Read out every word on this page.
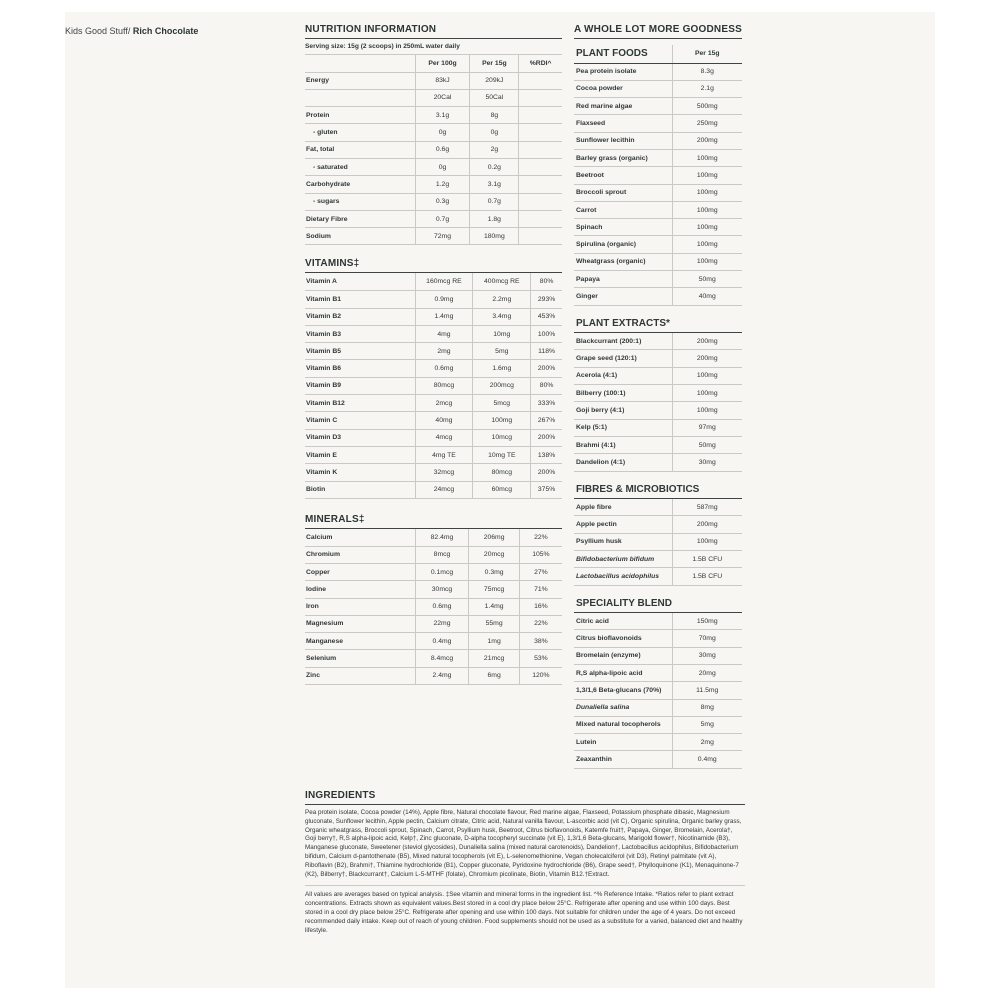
Kids Good Stuff/ Rich Chocolate	NUTRITION INFORMATION
Serving size: 15g (2 scoops) in 250mL water daily
	Per 100g	Per 15g	%RDI^
Energy	83kJ	209kJ	
	20Cal	50Cal	
Protein	3.1g	8g	
- gluten	0g	0g	
Fat, total	0.6g	2g	
- saturated	0g	0.2g	
Carbohydrate	1.2g	3.1g	
- sugars	0.3g	0.7g	
Dietary Fibre	0.7g	1.8g	
Sodium	72mg	180mg	
VITAMINS‡
Vitamin A	160mcg RE	400mcg RE	80%
Vitamin B1	0.9mg	2.2mg	293%
Vitamin B2	1.4mg	3.4mg	453%
Vitamin B3	4mg	10mg	100%
Vitamin B5	2mg	5mg	118%
Vitamin B6	0.6mg	1.6mg	200%
Vitamin B9	80mcg	200mcg	80%
Vitamin B12	2mcg	5mcg	333%
Vitamin C	40mg	100mg	267%
Vitamin D3	4mcg	10mcg	200%
Vitamin E	4mg TE	10mg TE	138%
Vitamin K	32mcg	80mcg	200%
Biotin	24mcg	60mcg	375%
MINERALS‡
Calcium	82.4mg	206mg	22%
Chromium	8mcg	20mcg	105%
Copper	0.1mcg	0.3mg	27%
Iodine	30mcg	75mcg	71%
Iron	0.6mg	1.4mg	16%
Magnesium	22mg	55mg	22%
Manganese	0.4mg	1mg	38%
Selenium	8.4mcg	21mcg	53%
Zinc	2.4mg	6mg	120%
A WHOLE LOT MORE GOODNESS
PLANT FOODS	Per 15g
Pea protein isolate	8.3g
Cocoa powder	2.1g
Red marine algae	500mg
Flaxseed	250mg
Sunflower lecithin	200mg
Barley grass (organic)	100mg
Beetroot	100mg
Broccoli sprout	100mg
Carrot	100mg
Spinach	100mg
Spirulina (organic)	100mg
Wheatgrass (organic)	100mg
Papaya	50mg
Ginger	40mg
PLANT EXTRACTS*	
Blackcurrant (200:1)	200mg
Grape seed (120:1)	200mg
Acerola (4:1)	100mg
Bilberry (100:1)	100mg
Goji berry (4:1)	100mg
Kelp (5:1)	97mg
Brahmi (4:1)	50mg
Dandelion (4:1)	30mg
FIBRES & MICROBIOTICS	
Apple fibre	587mg
Apple pectin	200mg
Psyllium husk	100mg
Bifidobacterium bifidum	1.5B CFU
Lactobacillus acidophilus	1.5B CFU
SPECIALITY BLEND	
Citric acid	150mg
Citrus bioflavonoids	70mg
Bromelain (enzyme)	30mg
R,S alpha-lipoic acid	20mg
1,3/1,6 Beta-glucans (70%)	11.5mg
Dunaliella salina	8mg
Mixed natural tocopherols	5mg
Lutein	2mg
Zeaxanthin	0.4mg
INGREDIENTS
Pea protein isolate, Cocoa powder (14%), Apple fibre, Natural chocolate flavour, Red marine algae, Flaxseed, Potassium phosphate dibasic, Magnesium gluconate, Sunflower lecithin, Apple pectin, Calcium citrate, Citric acid, Natural vanilla flavour, L-ascorbic acid (vit C), Organic spirulina, Organic barley grass, Organic wheatgrass, Broccoli sprout, Spinach, Carrot, Psyllium husk, Beetroot, Citrus bioflavonoids, Katemfe fruit†, Papaya, Ginger, Bromelain, Acerola†, Goji berry†, R,S alpha-lipoic acid, Kelp†, Zinc gluconate, D-alpha tocopheryl succinate (vit E), 1,3/1,6 Beta-glucans, Marigold flower†, Nicotinamide (B3), Manganese gluconate, Sweetener (steviol glycosides), Dunaliella salina (mixed natural carotenoids), Dandelion†, Lactobacillus acidophilus, Bifidobacterium bifidum, Calcium d-pantothenate (B5), Mixed natural tocopherols (vit E), L-selenomethionine, Vegan cholecalciferol (vit D3), Retinyl palmitate (vit A), Riboflavin (B2), Brahmi†, Thiamine hydrochloride (B1), Copper gluconate, Pyridoxine hydrochloride (B6), Grape seed†, Phylloquinone (K1), Menaquinone-7 (K2), Bilberry†, Blackcurrant†, Calcium L-5-MTHF (folate), Chromium picolinate, Biotin, Vitamin B12.†Extract.
All values are averages based on typical analysis. ‡See vitamin and mineral forms in the ingredient list. ^% Reference Intake. *Ratios refer to plant extract concentrations. Extracts shown as equivalent values.Best stored in a cool dry place below 25°C. Refrigerate after opening and use within 100 days. Best stored in a cool dry place below 25°C. Refrigerate after opening and use within 100 days. Not suitable for children under the age of 4 years. Do not exceed recommended daily intake. Keep out of reach of young children. Food supplements should not be used as a substitute for a varied, balanced diet and healthy lifestyle.
